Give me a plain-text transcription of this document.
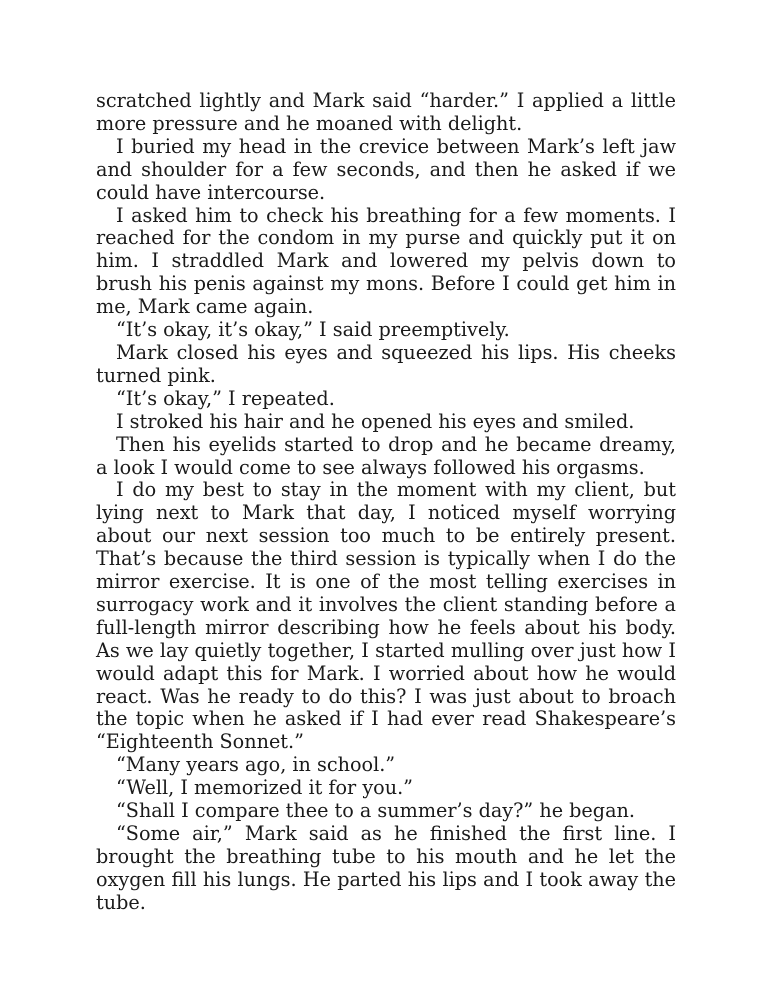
scratched lightly and Mark said “harder.” I applied a little more pressure and he moaned with delight.

I buried my head in the crevice between Mark’s left jaw and shoulder for a few seconds, and then he asked if we could have intercourse.

I asked him to check his breathing for a few moments. I reached for the condom in my purse and quickly put it on him. I straddled Mark and lowered my pelvis down to brush his penis against my mons. Before I could get him in me, Mark came again.

“It’s okay, it’s okay,” I said preemptively.

Mark closed his eyes and squeezed his lips. His cheeks turned pink.

“It’s okay,” I repeated.

I stroked his hair and he opened his eyes and smiled.

Then his eyelids started to drop and he became dreamy, a look I would come to see always followed his orgasms.

I do my best to stay in the moment with my client, but lying next to Mark that day, I noticed myself worrying about our next session too much to be entirely present. That’s because the third session is typically when I do the mirror exercise. It is one of the most telling exercises in surrogacy work and it involves the client standing before a full-length mirror describing how he feels about his body. As we lay quietly together, I started mulling over just how I would adapt this for Mark. I worried about how he would react. Was he ready to do this? I was just about to broach the topic when he asked if I had ever read Shakespeare’s “Eighteenth Sonnet.”

“Many years ago, in school.”

“Well, I memorized it for you.”

“Shall I compare thee to a summer’s day?” he began.

“Some air,” Mark said as he finished the first line. I brought the breathing tube to his mouth and he let the oxygen fill his lungs. He parted his lips and I took away the tube.
